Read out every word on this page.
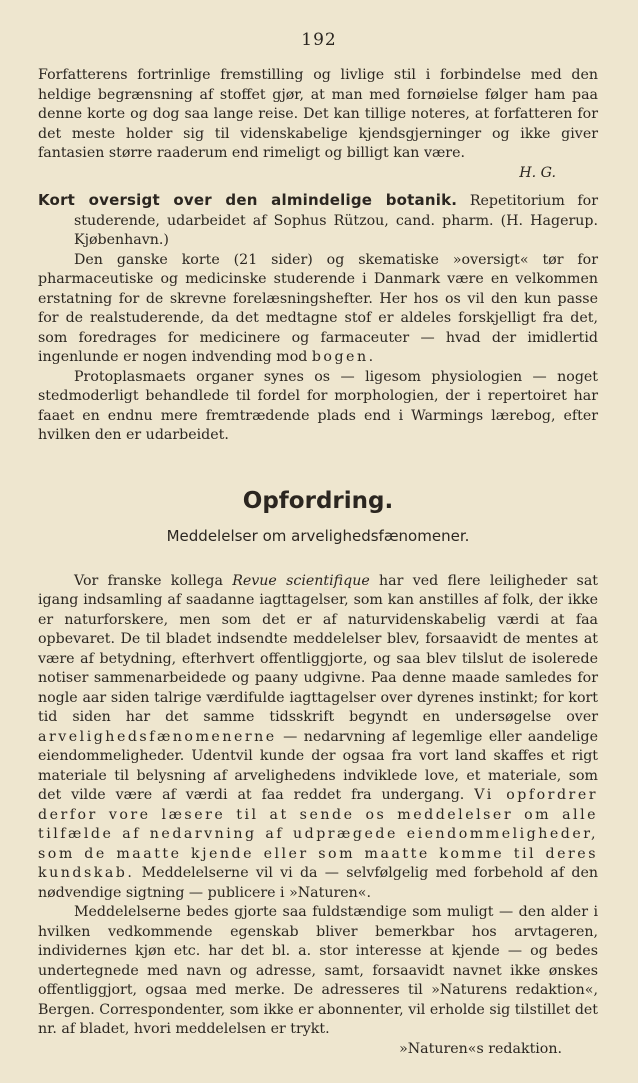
192

Forfatterens fortrinlige fremstilling og livlige stil i forbindelse med den heldige begrænsning af stoffet gjør, at man med fornøielse følger ham paa denne korte og dog saa lange reise. Det kan tillige noteres, at forfatteren for det meste holder sig til videnskabelige kjendsgjerninger og ikke giver fantasien større raaderum end rimeligt og billigt kan være.

H. G.

Kort oversigt over den almindelige botanik. Repetitorium for studerende, udarbeidet af Sophus Rützou, cand. pharm. (H. Hagerup. Kjøbenhavn.)

Den ganske korte (21 sider) og skematiske »oversigt« tør for pharmaceutiske og medicinske studerende i Danmark være en velkommen erstatning for de skrevne forelæsningshefter. Her hos os vil den kun passe for de realstuderende, da det medtagne stof er aldeles forskjelligt fra det, som foredrages for medicinere og farmaceuter — hvad der imidlertid ingenlunde er nogen indvending mod bogen.

Protoplasmaets organer synes os — ligesom physiologien — noget stedmoderligt behandlede til fordel for morphologien, der i repertoiret har faaet en endnu mere fremtrædende plads end i Warmings lærebog, efter hvilken den er udarbeidet.

Opfordring.
Meddelelser om arvelighedsfænomener.

Vor franske kollega Revue scientifique har ved flere leiligheder sat igang indsamling af saadanne iagttagelser, som kan anstilles af folk, der ikke er naturforskere, men som det er af naturvidenskabelig værdi at faa opbevaret. De til bladet indsendte meddelelser blev, forsaavidt de mentes at være af betydning, efterhvert offentliggjorte, og saa blev tilslut de isolerede notiser sammenarbeidede og paany udgivne. Paa denne maade samledes for nogle aar siden talrige værdifulde iagttagelser over dyrenes instinkt; for kort tid siden har det samme tidsskrift begyndt en undersøgelse over arvelighedsfænomenerne — nedarvning af legemlige eller aandelige eiendommeligheder. Udentvil kunde der ogsaa fra vort land skaffes et rigt materiale til belysning af arvelighedens indviklede love, et materiale, som det vilde være af værdi at faa reddet fra undergang. Vi opfordrer derfor vore læsere til at sende os meddelelser om alle tilfælde af nedarvning af udprægede eiendommeligheder, som de maatte kjende eller som maatte komme til deres kundskab. Meddelelserne vil vi da — selvfølgelig med forbehold af den nødvendige sigtning — publicere i »Naturen«.

Meddelelserne bedes gjorte saa fuldstændige som muligt — den alder i hvilken vedkommende egenskab bliver bemerkbar hos arvtageren, individernes kjøn etc. har det bl. a. stor interesse at kjende — og bedes undertegnede med navn og adresse, samt, forsaavidt navnet ikke ønskes offentliggjort, ogsaa med merke. De adresseres til »Naturens redaktion«, Bergen. Correspondenter, som ikke er abonnenter, vil erholde sig tilstillet det nr. af bladet, hvori meddelelsen er trykt.

»Naturen«s redaktion.
